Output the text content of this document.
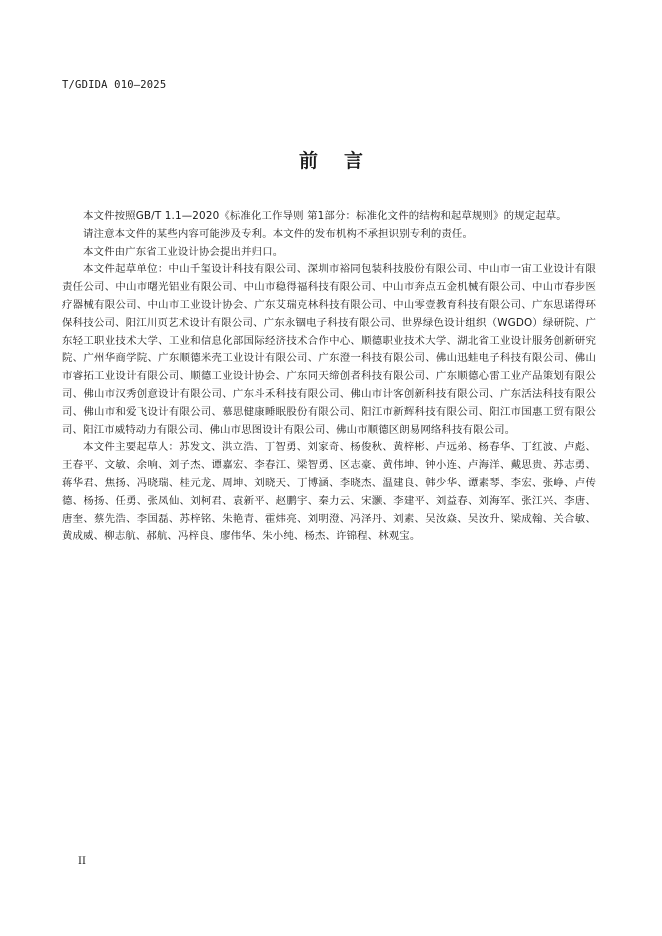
T/GDIDA 010—2025
前言

本文件按照GB/T 1.1—2020《标准化工作导则 第1部分：标准化文件的结构和起草规则》的规定起草。

请注意本文件的某些内容可能涉及专利。本文件的发布机构不承担识别专利的责任。

本文件由广东省工业设计协会提出并归口。

本文件起草单位：中山千玺设计科技有限公司、深圳市裕同包装科技股份有限公司、中山市一宙工业设计有限责任公司、中山市曙光铝业有限公司、中山市稳得福科技有限公司、中山市奔点五金机械有限公司、中山市春步医疗器械有限公司、中山市工业设计协会、广东艾瑞克林科技有限公司、中山零壹教育科技有限公司、广东思诺得环保科技公司、阳江川页艺术设计有限公司、广东永锢电子科技有限公司、世界绿色设计组织（WGDO）绿研院、广东轻工职业技术大学、工业和信息化部国际经济技术合作中心、顺德职业技术大学、湖北省工业设计服务创新研究院、广州华商学院、广东顺德米壳工业设计有限公司、广东澄一科技有限公司、佛山迅蛙电子科技有限公司、佛山市睿拓工业设计有限公司、顺德工业设计协会、广东同天缔创者科技有限公司、广东顺德心雷工业产品策划有限公司、佛山市汉秀创意设计有限公司、广东斗禾科技有限公司、佛山市计客创新科技有限公司、广东活法科技有限公司、佛山市和爱飞设计有限公司、慕思健康睡眠股份有限公司、阳江市新辉科技有限公司、阳江市国惠工贸有限公司、阳江市威特动力有限公司、佛山市思图设计有限公司、佛山市顺德区朗易网络科技有限公司。

本文件主要起草人：苏发文、洪立浩、丁智勇、刘家奇、杨俊秋、黄梓彬、卢远弟、杨春华、丁红波、卢彪、王春平、文敏、余响、刘子杰、谭嘉宏、李春江、梁智勇、区志豪、黄伟坤、钟小连、卢海洋、戴思贵、苏志勇、蒋华君、焦扬、冯晓瑞、桂元龙、周坤、刘晓天、丁博涵、李晓杰、温建良、韩少华、谭素琴、李宏、张峥、卢传德、杨扬、任勇、张凤仙、刘柯君、袁新平、赵鹏宇、秦力云、宋灏、李建平、刘益春、刘海军、张江兴、李唐、唐奎、蔡先浩、李国磊、苏梓铭、朱艳青、霍炜亮、刘明澄、冯泽丹、刘素、吴汝焱、吴汝升、梁成翰、关合敏、黄成威、柳志航、郝航、冯梓良、廖伟华、朱小纯、杨杰、许锦程、林观宝。

II
